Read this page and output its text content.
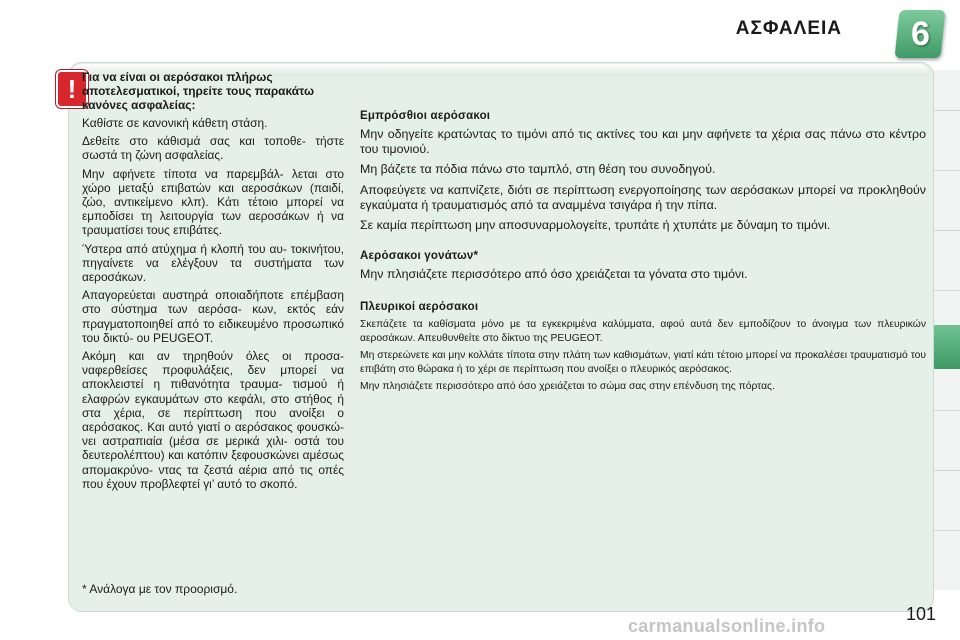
ΑΣΦΑΛΕΙΑ 6
! Για να είναι οι αερόσακοι πλήρως αποτελεσματικοί, τηρείτε τους παρακάτω κανόνες ασφαλείας:

Καθίστε σε κανονική κάθετη στάση.

Δεθείτε στο κάθισμά σας και τοποθε- τήστε σωστά τη ζώνη ασφαλείας.

Μην αφήνετε τίποτα να παρεμβάλ- λεται στο χώρο μεταξύ επιβατών και αεροσάκων (παιδί, ζώο, αντικείμενο κλπ). Κάτι τέτοιο μπορεί να εμποδίσει τη λειτουργία των αεροσάκων ή να τραυματίσει τους επιβάτες.

Ύστερα από ατύχημα ή κλοπή του αυ- τοκινήτου, πηγαίνετε να ελέγξουν τα συστήματα των αεροσάκων.

Απαγορεύεται αυστηρά οποιαδήποτε επέμβαση στο σύστημα των αερόσα- κων, εκτός εάν πραγματοποιηθεί από το ειδικευμένο προσωπικό του δικτύ- ου PEUGEOT.

Ακόμη και αν τηρηθούν όλες οι προσα- ναφερθείσες προφυλάξεις, δεν μπορεί να αποκλειστεί η πιθανότητα τραυμα- τισμού ή ελαφρών εγκαυμάτων στο κεφάλι, στο στήθος ή στα χέρια, σε περίπτωση που ανοίξει ο αερόσακος. Και αυτό γιατί ο αερόσακος φουσκώ- νει αστραπιαία (μέσα σε μερικά χιλι- οστά του δευτερολέπτου) και κατόπιν ξεφουσκώνει αμέσως απομακρύνο- ντας τα ζεστά αέρια από τις οπές που έχουν προβλεφτεί γι’ αυτό το σκοπό.

* Ανάλογα με τον προορισμό.
Εμπρόσθιοι αερόσακοι

Μην οδηγείτε κρατώντας το τιμόνι από τις ακτίνες του και μην αφήνετε τα χέρια σας πάνω στο κέντρο του τιμονιού.

Μη βάζετε τα πόδια πάνω στο ταμπλό, στη θέση του συνοδηγού.

Αποφεύγετε να καπνίζετε, διότι σε περίπτωση ενεργοποίησης των αερόσακων μπορεί να προκληθούν εγκαύματα ή τραυματισμός από τα αναμμένα τσιγάρα ή την πίπα.

Σε καμία περίπτωση μην αποσυναρμολογείτε, τρυπάτε ή χτυπάτε με δύναμη το τιμόνι.

Αερόσακοι γονάτων*

Μην πλησιάζετε περισσότερο από όσο χρειάζεται τα γόνατα στο τιμόνι.

Πλευρικοί αερόσακοι

Σκεπάζετε τα καθίσματα μόνο με τα εγκεκριμένα καλύμματα, αφού αυτά δεν εμποδίζουν το άνοιγμα των πλευρικών αεροσάκων. Απευθυνθείτε στο δίκτυο της PEUGEOT.

Μη στερεώνετε και μην κολλάτε τίποτα στην πλάτη των καθισμάτων, γιατί κάτι τέτοιο μπορεί να προκαλέσει τραυματισμό του επιβάτη στο θώρακα ή το χέρι σε περίπτωση που ανοίξει ο πλευρικός αερόσακος.

Μην πλησιάζετε περισσότερο από όσο χρειάζεται το σώμα σας στην επένδυση της πόρτας.

101
carmanualsonline.info
